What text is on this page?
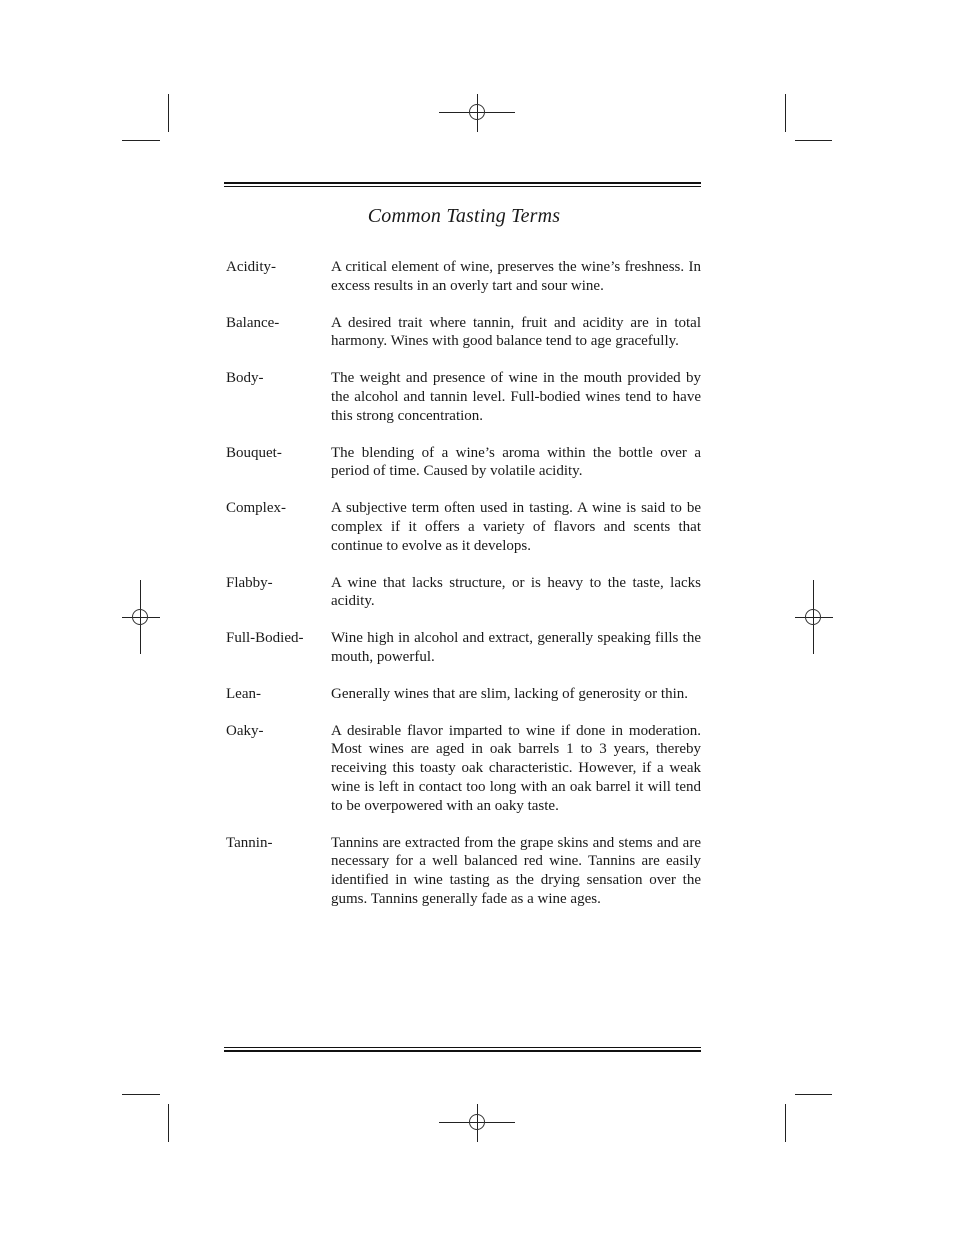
Common Tasting Terms
Acidity-	A critical element of wine, preserves the wine’s freshness. In excess results in an overly tart and sour wine.
Balance-	A desired trait where tannin, fruit and acidity are in total harmony. Wines with good balance tend to age gracefully.
Body-	The weight and presence of wine in the mouth provided by the alcohol and tannin level. Full-bodied wines tend to have this strong concentration.
Bouquet-	The blending of a wine’s aroma within the bottle over a period of time. Caused by volatile acidity.
Complex-	A subjective term often used in tasting. A wine is said to be complex if it offers a variety of flavors and scents that continue to evolve as it develops.
Flabby-	A wine that lacks structure, or is heavy to the taste, lacks acidity.
Full-Bodied-	Wine high in alcohol and extract, generally speaking fills the mouth, powerful.
Lean-	Generally wines that are slim, lacking of generosity or thin.
Oaky-	A desirable flavor imparted to wine if done in moderation. Most wines are aged in oak barrels 1 to 3 years, thereby receiving this toasty oak characteristic. However, if a weak wine is left in contact too long with an oak barrel it will tend to be overpowered with an oaky taste.
Tannin-	Tannins are extracted from the grape skins and stems and are necessary for a well balanced red wine. Tannins are easily identified in wine tasting as the drying sensation over the gums. Tannins generally fade as a wine ages.
